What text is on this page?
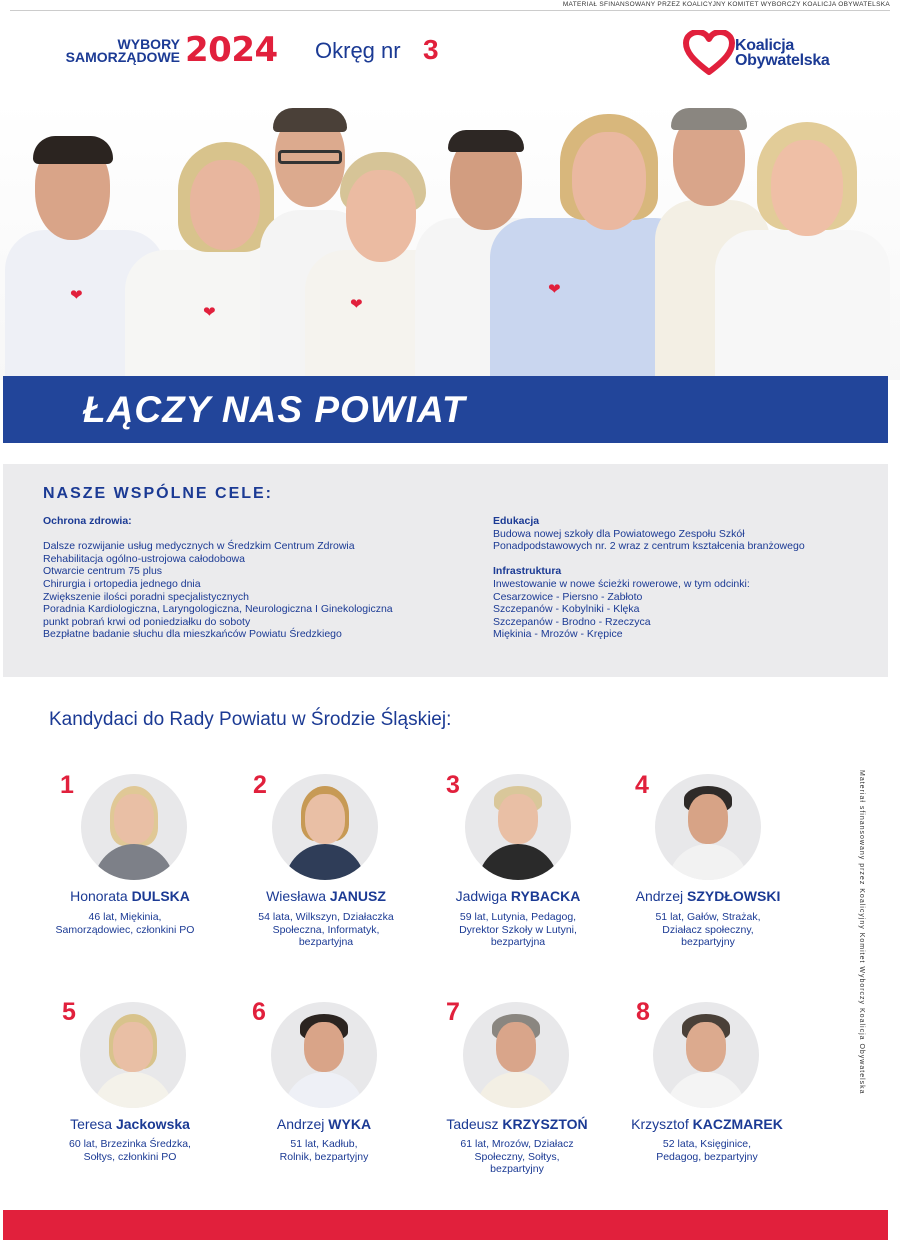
MATERIAŁ SFINANSOWANY PRZEZ KOALICYJNY KOMITET WYBORCZY KOALICJA OBYWATELSKA
WYBORY
SAMORZĄDOWE 2024 Okręg nr 3	Koalicja
Obywatelska
❤
❤	❤
❤
ŁĄCZY NAS POWIAT
NASZE WSPÓLNE CELE:
Ochrona zdrowia:
Dalsze rozwijanie usług medycznych w Średzkim Centrum Zdrowia
Rehabilitacja ogólno-ustrojowa całodobowa
Otwarcie centrum 75 plus
Chirurgia i ortopedia jednego dnia
Zwiększenie ilości poradni specjalistycznych
Poradnia Kardiologiczna, Laryngologiczna, Neurologiczna I Ginekologiczna
punkt pobrań krwi od poniedziałku do soboty
Bezpłatne badanie słuchu dla mieszkańców Powiatu Średzkiego
Edukacja
Budowa nowej szkoły dla Powiatowego Zespołu Szkół
Ponadpodstawowych nr. 2 wraz z centrum kształcenia branżowego
Infrastruktura
Inwestowanie w nowe ścieżki rowerowe, w tym odcinki:
Cesarzowice - Piersno - Zabłoto
Szczepanów - Kobylniki - Klęka
Szczepanów - Brodno - Rzeczyca
Miękinia - Mrozów - Krępice
Kandydaci do Rady Powiatu w Środzie Śląskiej:
1
Honorata DULSKA
46 lat, Miękinia,
Samorządowiec, członkini PO
2
Wiesława JANUSZ
54 lata, Wilkszyn, Działaczka
Społeczna, Informatyk,
bezpartyjna
3
Jadwiga RYBACKA
59 lat, Lutynia, Pedagog,
Dyrektor Szkoły w Lutyni,
bezpartyjna
4
Andrzej SZYDŁOWSKI
51 lat, Gałów, Strażak,
Działacz społeczny,
bezpartyjny
5
Teresa Jackowska
60 lat, Brzezinka Średzka,
Sołtys, członkini PO
6
Andrzej WYKA
51 lat, Kadłub,
Rolnik, bezpartyjny
7
Tadeusz KRZYSZTOŃ
61 lat, Mrozów, Działacz
Społeczny, Sołtys,
bezpartyjny
8
Krzysztof KACZMAREK
52 lata, Księginice,
Pedagog, bezpartyjny
Materiał sfinansowany przez Koalicyjny Komitet Wyborczy Koalicja Obywatelska
